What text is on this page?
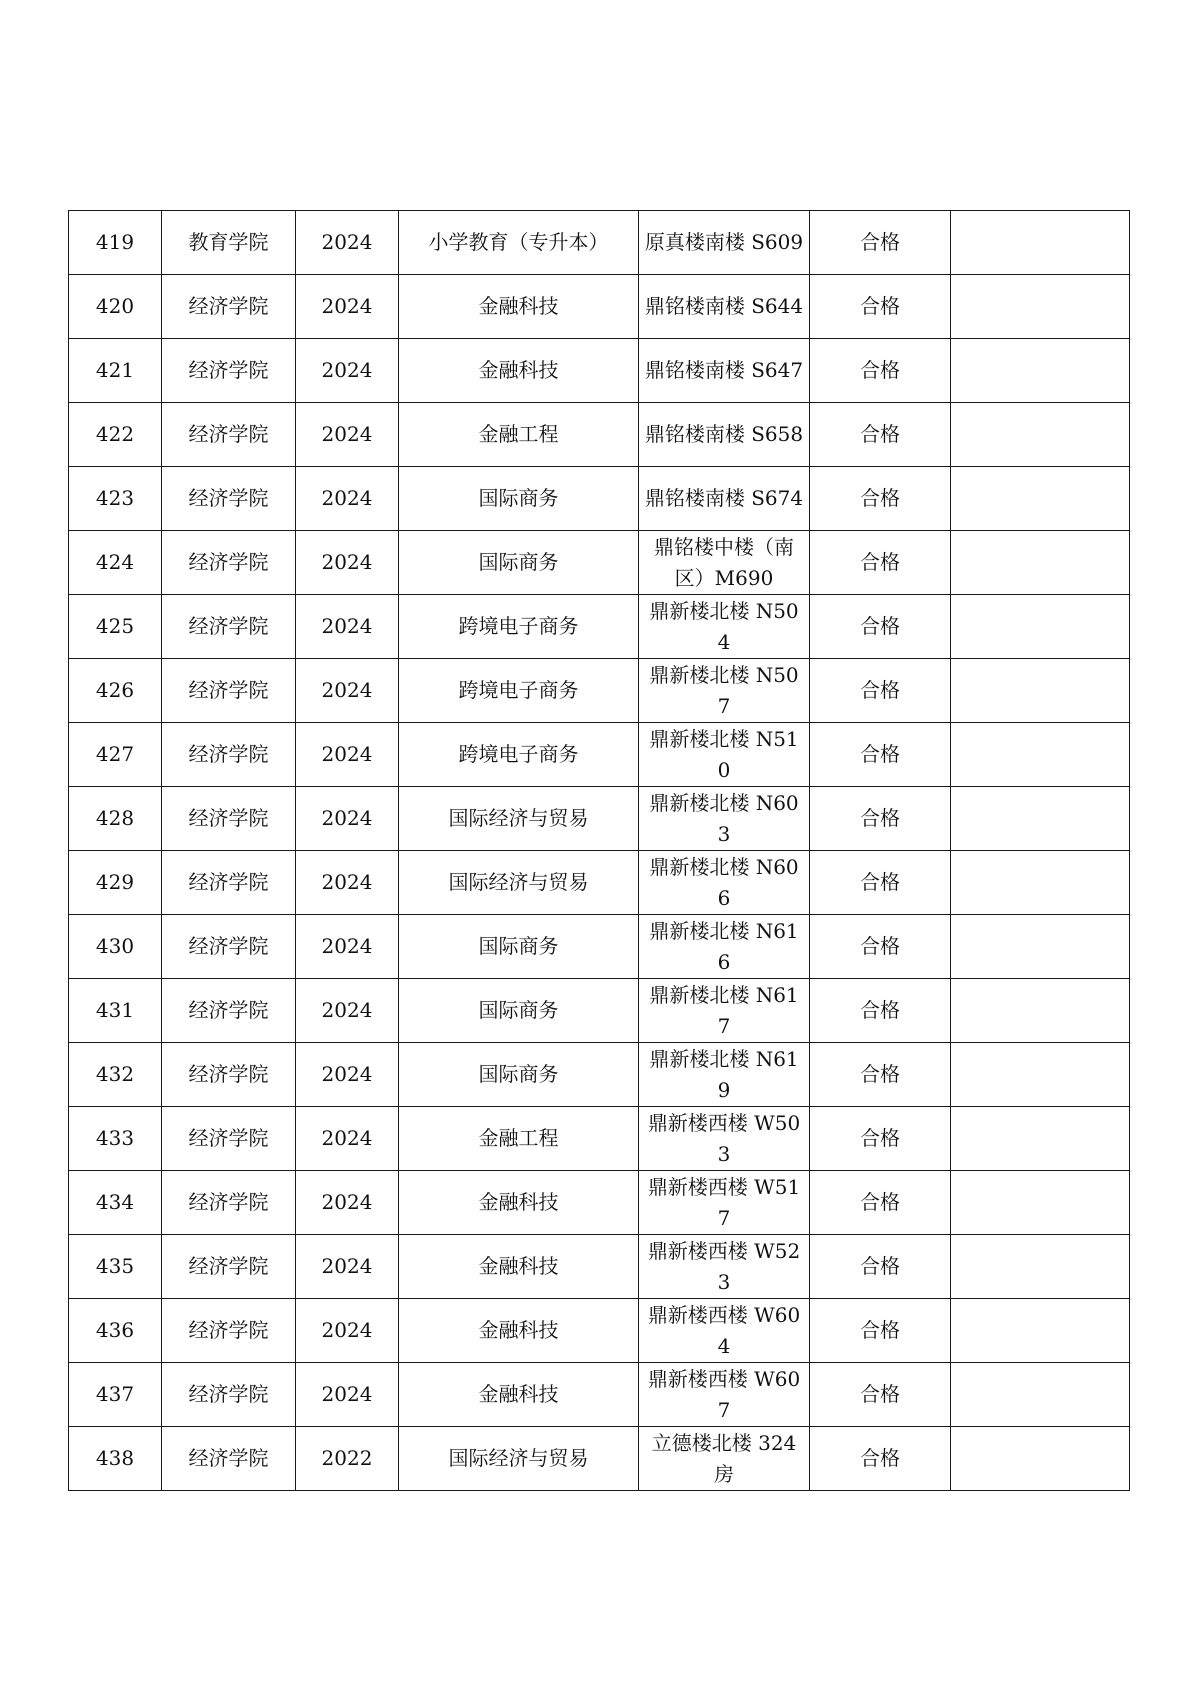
419	教育学院	2024	小学教育（专升本）	原真楼南楼 S609	合格	
420	经济学院	2024	金融科技	鼎铭楼南楼 S644	合格	
421	经济学院	2024	金融科技	鼎铭楼南楼 S647	合格	
422	经济学院	2024	金融工程	鼎铭楼南楼 S658	合格	
423	经济学院	2024	国际商务	鼎铭楼南楼 S674	合格	
424	经济学院	2024	国际商务	鼎铭楼中楼（南区）M690	合格	
425	经济学院	2024	跨境电子商务	鼎新楼北楼 N504	合格	
426	经济学院	2024	跨境电子商务	鼎新楼北楼 N507	合格	
427	经济学院	2024	跨境电子商务	鼎新楼北楼 N510	合格	
428	经济学院	2024	国际经济与贸易	鼎新楼北楼 N603	合格	
429	经济学院	2024	国际经济与贸易	鼎新楼北楼 N606	合格	
430	经济学院	2024	国际商务	鼎新楼北楼 N616	合格	
431	经济学院	2024	国际商务	鼎新楼北楼 N617	合格	
432	经济学院	2024	国际商务	鼎新楼北楼 N619	合格	
433	经济学院	2024	金融工程	鼎新楼西楼 W503	合格	
434	经济学院	2024	金融科技	鼎新楼西楼 W517	合格	
435	经济学院	2024	金融科技	鼎新楼西楼 W523	合格	
436	经济学院	2024	金融科技	鼎新楼西楼 W604	合格	
437	经济学院	2024	金融科技	鼎新楼西楼 W607	合格	
438	经济学院	2022	国际经济与贸易	立德楼北楼 324 房	合格	
